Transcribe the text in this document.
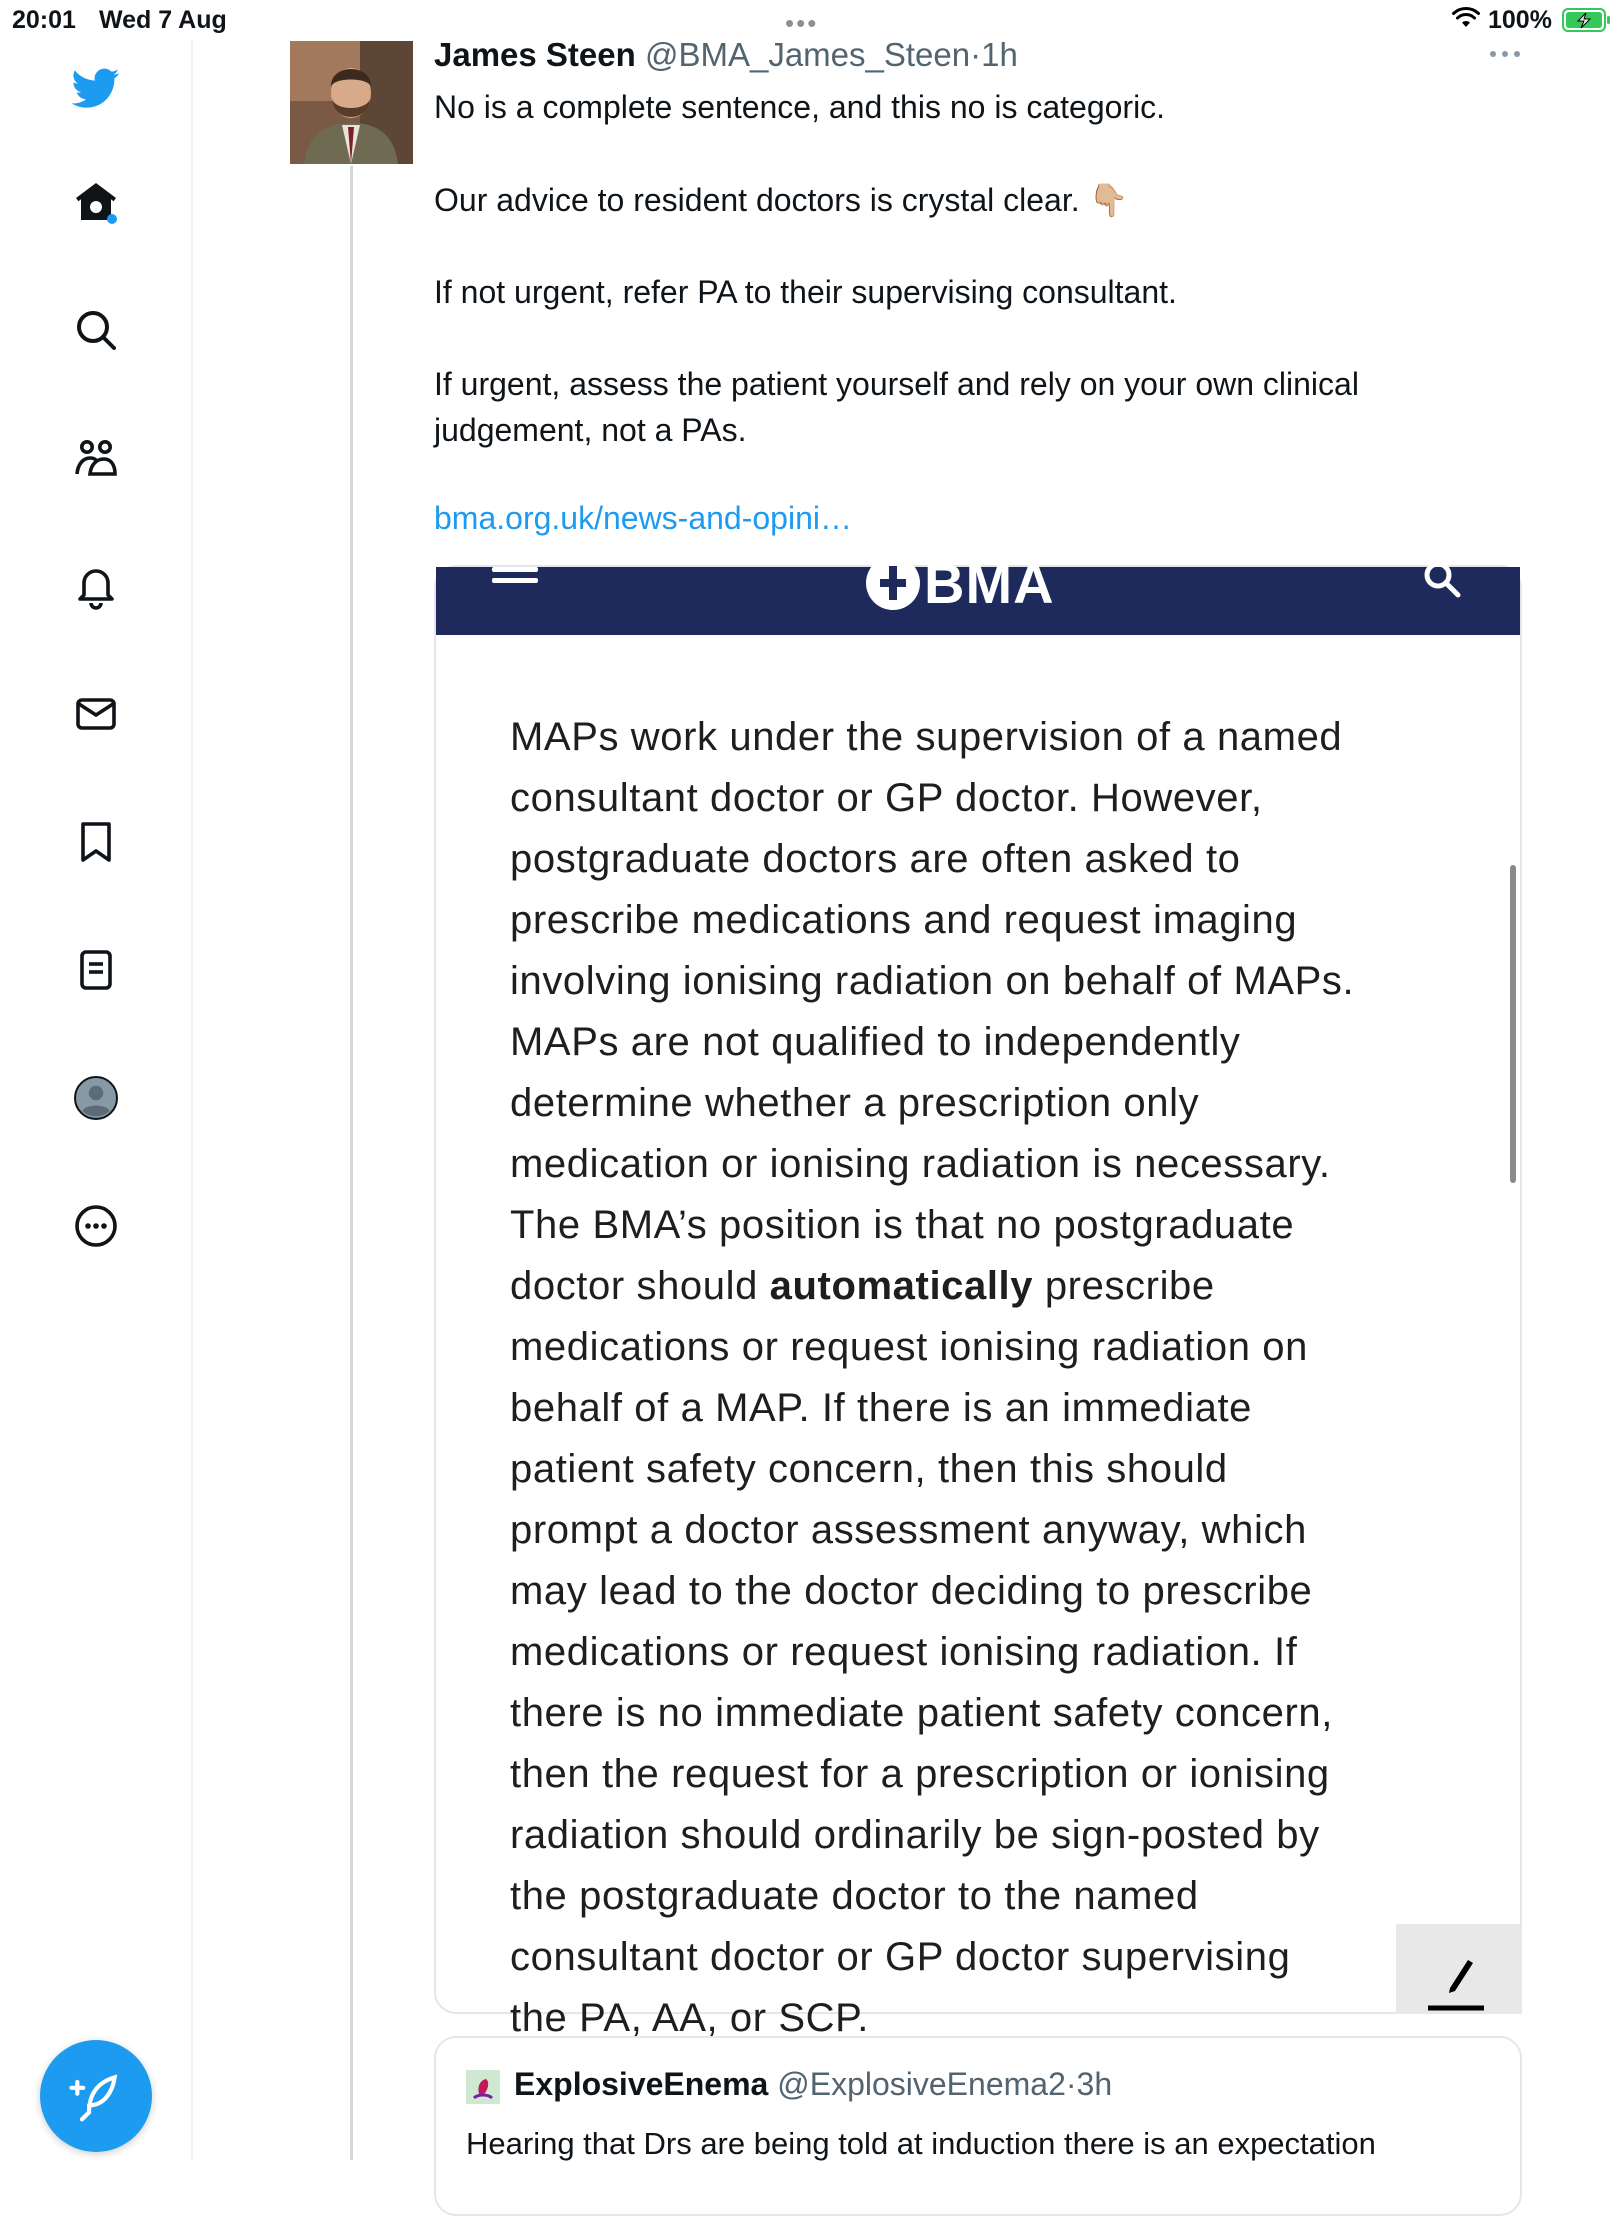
20:01 Wed 7 Aug	•••	100%
James Steen @BMA_James_Steen·1h

No is a complete sentence, and this no is categoric.

Our advice to resident doctors is crystal clear. 👇🏼

If not urgent, refer PA to their supervising consultant.

If urgent, assess the patient yourself and rely on your own clinical

judgement, not a PAs.

bma.org.uk/news-and-opini…
BMA
MAPs work under the supervision of a named
consultant doctor or GP doctor. However,
postgraduate doctors are often asked to
prescribe medications and request imaging
involving ionising radiation on behalf of MAPs.
MAPs are not qualified to independently
determine whether a prescription only
medication or ionising radiation is necessary.
The BMA’s position is that no postgraduate
doctor should automatically prescribe
medications or request ionising radiation on
behalf of a MAP. If there is an immediate
patient safety concern, then this should
prompt a doctor assessment anyway, which
may lead to the doctor deciding to prescribe
medications or request ionising radiation. If
there is no immediate patient safety concern,
then the request for a prescription or ionising
radiation should ordinarily be sign-posted by
the postgraduate doctor to the named
consultant doctor or GP doctor supervising
the PA, AA, or SCP.
ExplosiveEnema @ExplosiveEnema2·3h
Hearing that Drs are being told at induction there is an expectation
